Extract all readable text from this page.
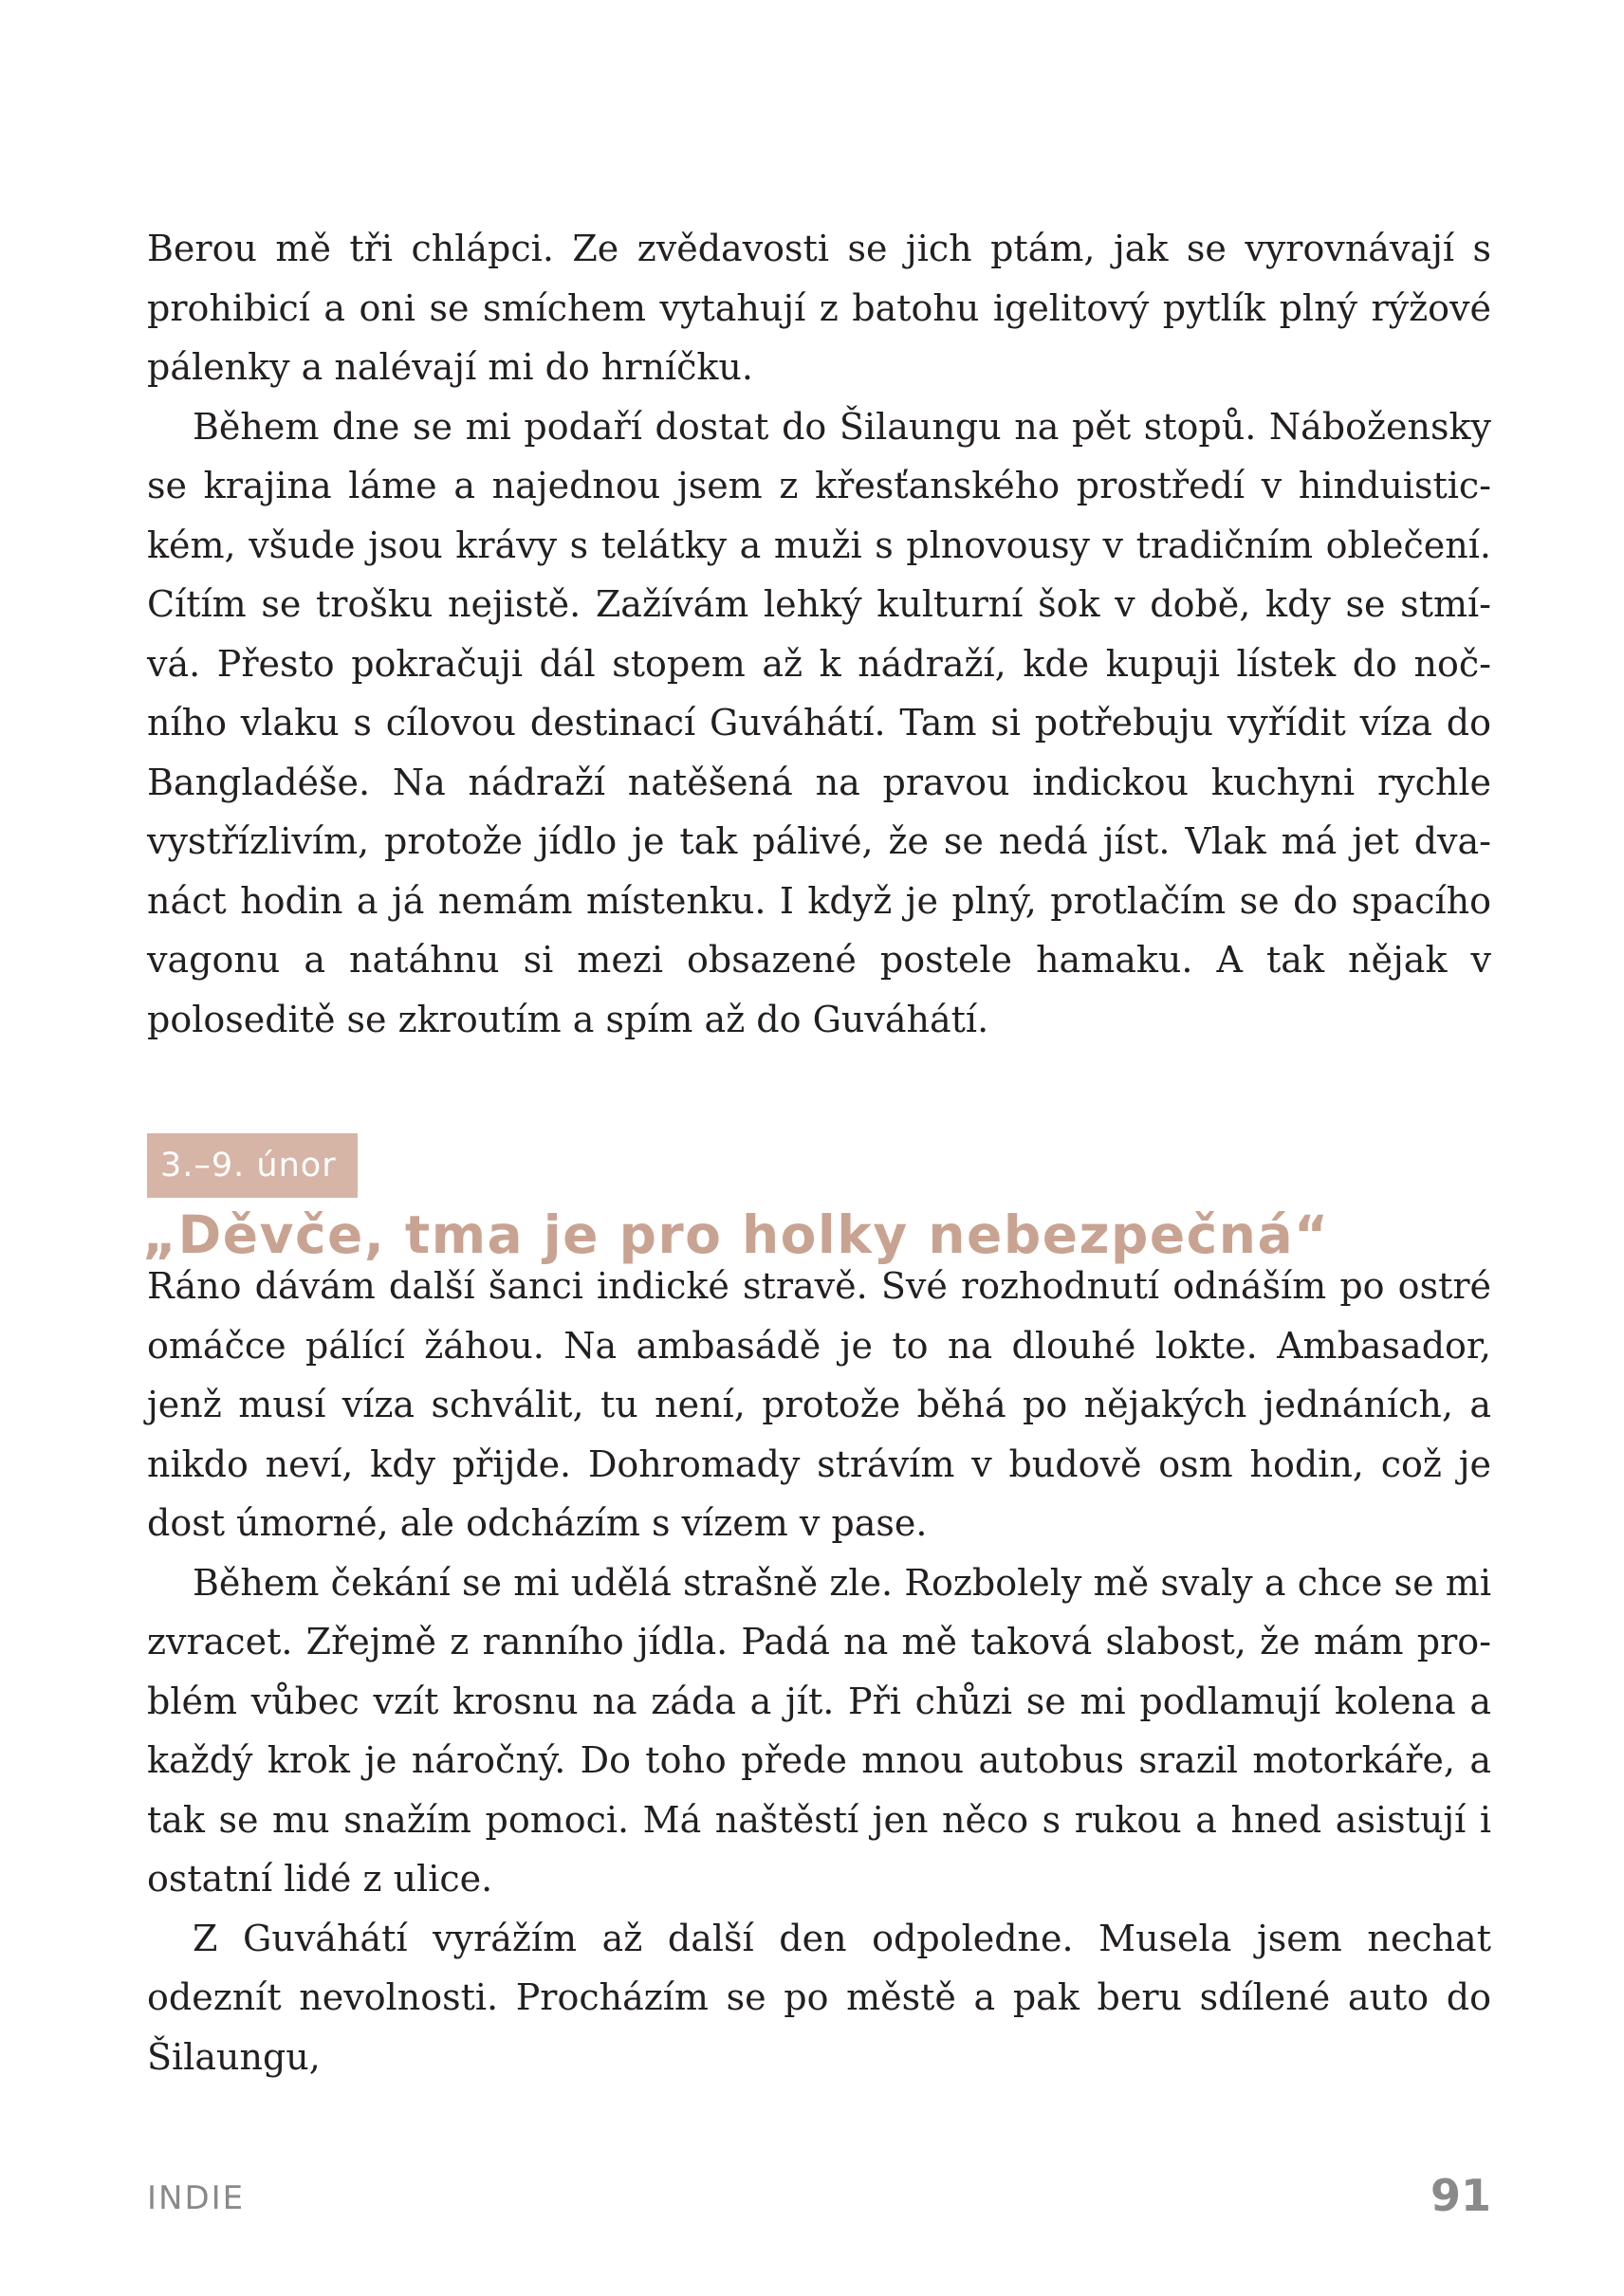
Berou mě tři chlápci. Ze zvědavosti se jich ptám, jak se vyrovnávají s prohibicí a oni se smíchem vytahují z batohu igelitový pytlík plný rýžové pálenky a nalévají mi do hrníčku.

Během dne se mi podaří dostat do Šilaungu na pět stopů. Nábožensky se krajina láme a najednou jsem z křesťanského prostředí v hinduistickém, všude jsou krávy s telátky a muži s plnovousy v tradičním oblečení. Cítím se trošku nejistě. Zažívám lehký kulturní šok v době, kdy se stmívá. Přesto pokračuji dál stopem až k nádraží, kde kupuji lístek do nočního vlaku s cílovou destinací Guváhátí. Tam si potřebuju vyřídit víza do Bangladéše. Na nádraží natěšená na pravou indickou kuchyni rychle vystřízlivím, protože jídlo je tak pálivé, že se nedá jíst. Vlak má jet dvanáct hodin a já nemám místenku. I když je plný, protlačím se do spacího vagonu a natáhnu si mezi obsazené postele hamaku. A tak nějak v poloseditě se zkroutím a spím až do Guváhátí.

3.–9. únor
„Děvče, tma je pro holky nebezpečná“

Ráno dávám další šanci indické stravě. Své rozhodnutí odnáším po ostré omáčce pálící žáhou. Na ambasádě je to na dlouhé lokte. Ambasador, jenž musí víza schválit, tu není, protože běhá po nějakých jednáních, a nikdo neví, kdy přijde. Dohromady strávím v budově osm hodin, což je dost úmorné, ale odcházím s vízem v pase.

Během čekání se mi udělá strašně zle. Rozbolely mě svaly a chce se mi zvracet. Zřejmě z ranního jídla. Padá na mě taková slabost, že mám problém vůbec vzít krosnu na záda a jít. Při chůzi se mi podlamují kolena a každý krok je náročný. Do toho přede mnou autobus srazil motorkáře, a tak se mu snažím pomoci. Má naštěstí jen něco s rukou a hned asistují i ostatní lidé z ulice.

Z Guváhátí vyrážím až další den odpoledne. Musela jsem nechat odeznít nevolnosti. Procházím se po městě a pak beru sdílené auto do Šilaungu,

INDIE	91
